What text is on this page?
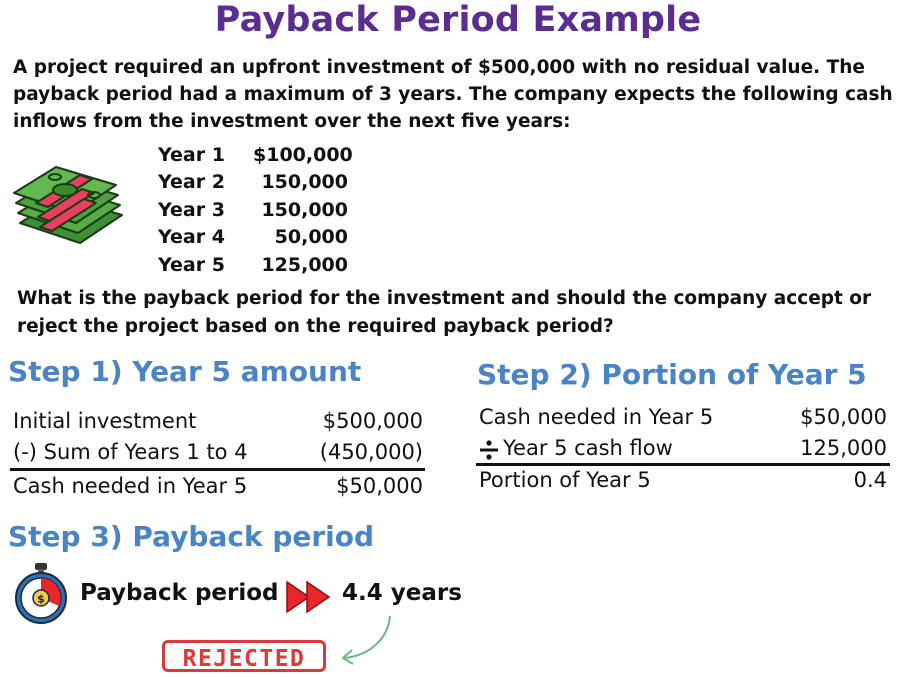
Payback Period Example
A project required an upfront investment of $500,000 with no residual value. The payback period had a maximum of 3 years. The company expects the following cash inflows from the investment over the next five years:
Year 1	$100,000
Year 2	150,000
Year 3	150,000
Year 4	50,000
Year 5	125,000
What is the payback period for the investment and should the company accept or reject the project based on the required payback period?
Step 1) Year 5 amount
Initial investment	$500,000
(-) Sum of Years 1 to 4	(450,000)
Cash needed in Year 5	$50,000
Step 2) Portion of Year 5
Cash needed in Year 5	$50,000
Year 5 cash flow	125,000
Portion of Year 5	0.4
Step 3) Payback period
$ Payback period	4.4 years
REJECTED
